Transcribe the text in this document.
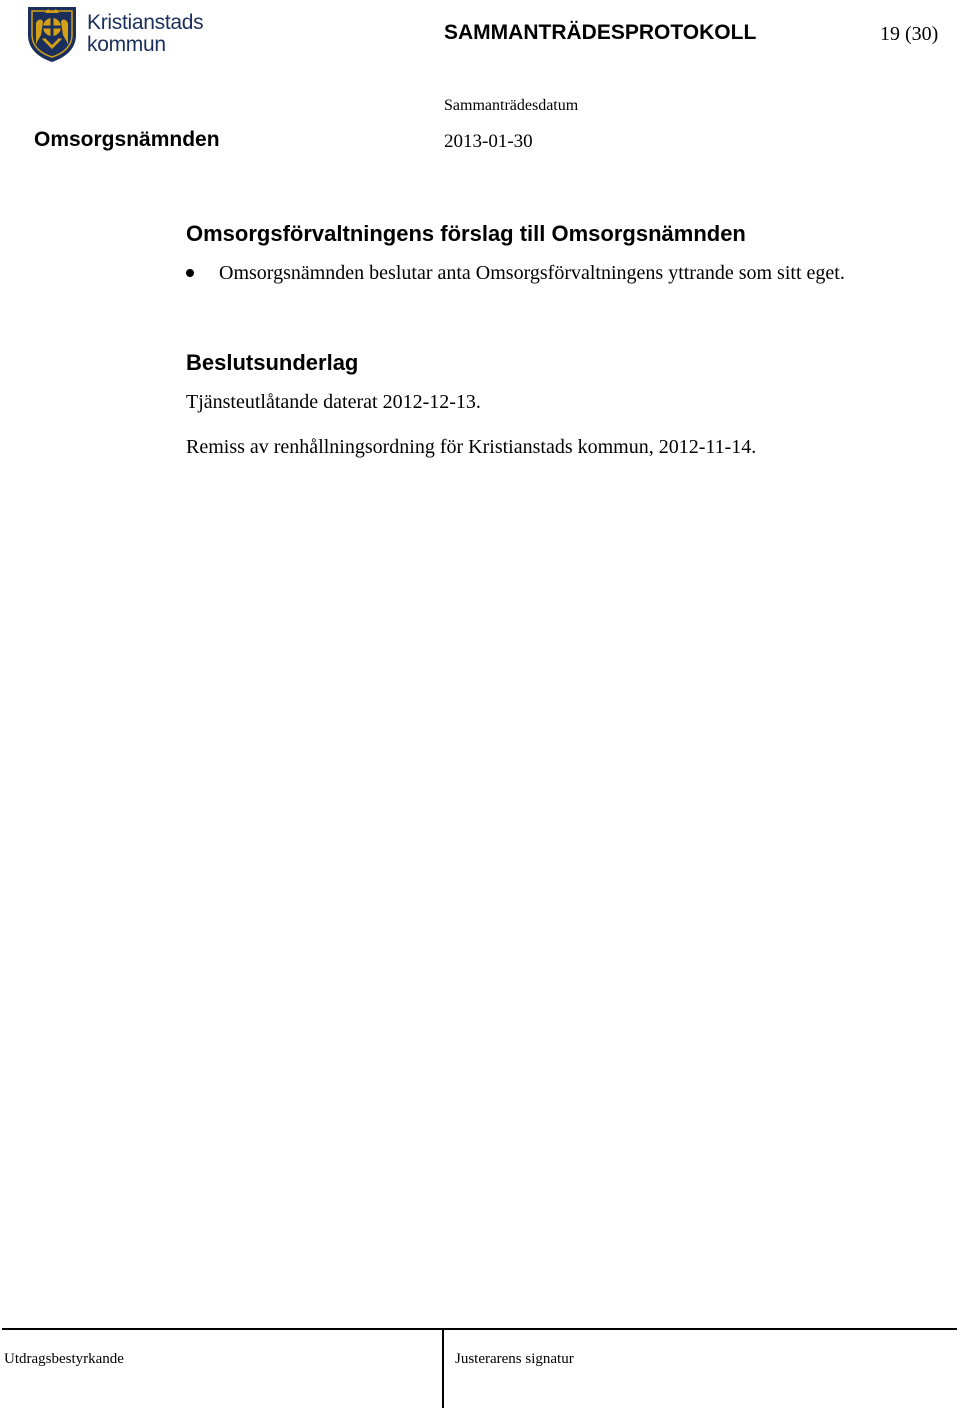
Kristianstads
kommun
SAMMANTRÄDESPROTOKOLL	19 (30)
Omsorgsnämnden
Sammanträdesdatum
2013-01-30
Omsorgsförvaltningens förslag till Omsorgsnämnden
Omsorgsnämnden beslutar anta Omsorgsförvaltningens yttrande som sitt eget.
Beslutsunderlag
Tjänsteutlåtande daterat 2012-12-13.
Remiss av renhållningsordning för Kristianstads kommun, 2012-11-14.
Utdragsbestyrkande	Justerarens signatur
